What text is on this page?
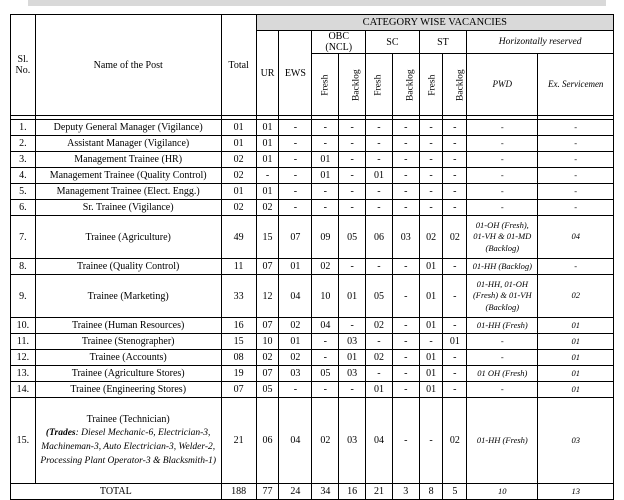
Sl. No.	Name of the Post	Total	CATEGORY WISE VACANCIES									
			UR	EWS	OBC (NCL)		SC		ST		Horizontally reserved	
					Fresh	Backlog	Fresh	Backlog	Fresh	Backlog	PWD	Ex. Servicemen

1.	Deputy General Manager (Vigilance)	01	01	-	-	-	-	-	-	-	-	-
2.	Assistant Manager (Vigilance)	01	01	-	-	-	-	-	-	-	-	-
3.	Management Trainee (HR)	02	01	-	01	-	-	-	-	-	-	-
4.	Management Trainee (Quality Control)	02	-	-	01	-	01	-	-	-	-	-
5.	Management Trainee (Elect. Engg.)	01	01	-	-	-	-	-	-	-	-	-
6.	Sr. Trainee (Vigilance)	02	02	-	-	-	-	-	-	-	-	-
7.	Trainee (Agriculture)	49	15	07	09	05	06	03	02	02	01-OH (Fresh), 01-VH & 01-MD (Backlog)	04
8.	Trainee (Quality Control)	11	07	01	02	-	-	-	01	-	01-HH (Backlog)	-
9.	Trainee (Marketing)	33	12	04	10	01	05	-	01	-	01-HH, 01-OH (Fresh) & 01-VH (Backlog)	02
10.	Trainee (Human Resources)	16	07	02	04	-	02	-	01	-	01-HH (Fresh)	01
11.	Trainee (Stenographer)	15	10	01	-	03	-	-	-	01	-	01
12.	Trainee (Accounts)	08	02	02	-	01	02	-	01	-	-	01
13.	Trainee (Agriculture Stores)	19	07	03	05	03	-	-	01	-	01 OH (Fresh)	01
14.	Trainee (Engineering Stores)	07	05	-	-	-	01	-	01	-	-	01
15.	Trainee (Technician)
(Trades: Diesel Mechanic-6, Electrician-3, Machineman-3, Auto Electrician-3, Welder-2, Processing Plant Operator-3 & Blacksmith-1)	21	06	04	02	03	04	-	-	02	01-HH (Fresh)	03
TOTAL		188	77	24	34	16	21	3	8	5	10	13
